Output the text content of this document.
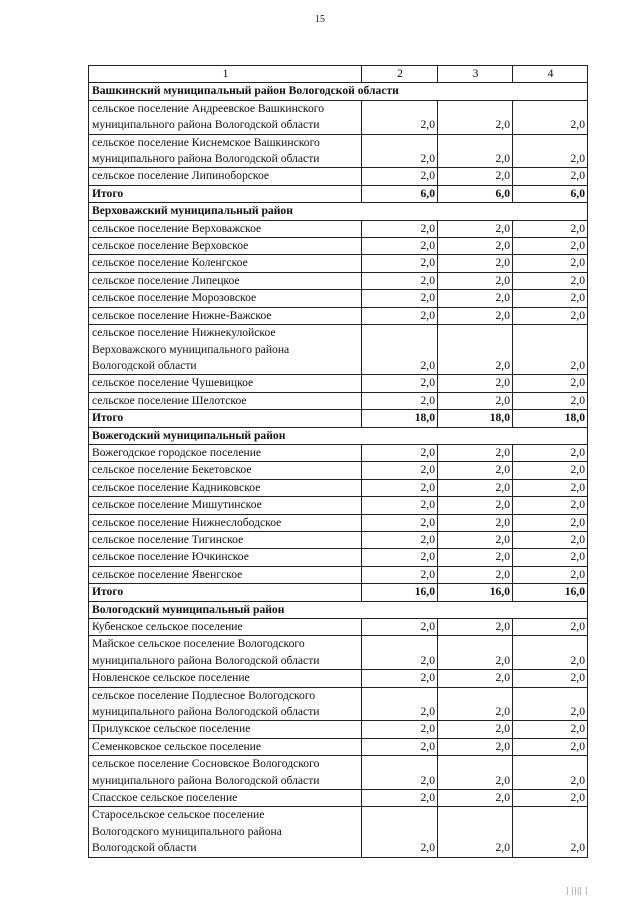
15
1	2	3	4
Вашкинский муниципальный район Вологодской области			

сельское поселение Андреевское Вашкинского
муниципального района Вологодской области	2,0	2,0	2,0

сельское поселение Киснемское Вашкинского
муниципального района Вологодской области	2,0	2,0	2,0

сельское поселение Липиноборское	2,0	2,0	2,0

Итого	6,0	6,0	6,0
Верховажский муниципальный район			

сельское поселение Верховажское	2,0	2,0	2,0

сельское поселение Верховское	2,0	2,0	2,0

сельское поселение Коленгское	2,0	2,0	2,0

сельское поселение Липецкое	2,0	2,0	2,0

сельское поселение Морозовское	2,0	2,0	2,0

сельское поселение Нижне-Важское	2,0	2,0	2,0

сельское поселение Нижнекулойское
Верховажского муниципального района
Вологодской области	2,0	2,0	2,0

сельское поселение Чушевицкое	2,0	2,0	2,0

сельское поселение Шелотское	2,0	2,0	2,0

Итого	18,0	18,0	18,0
Вожегодский муниципальный район			

Вожегодское городское поселение	2,0	2,0	2,0

сельское поселение Бекетовское	2,0	2,0	2,0

сельское поселение Кадниковское	2,0	2,0	2,0

сельское поселение Мишутинское	2,0	2,0	2,0

сельское поселение Нижнеслободское	2,0	2,0	2,0

сельское поселение Тигинское	2,0	2,0	2,0

сельское поселение Ючкинское	2,0	2,0	2,0

сельское поселение Явенгское	2,0	2,0	2,0

Итого	16,0	16,0	16,0
Вологодский муниципальный район			

Кубенское сельское поселение	2,0	2,0	2,0

Майское сельское поселение Вологодского
муниципального района Вологодской области	2,0	2,0	2,0

Новленское сельское поселение	2,0	2,0	2,0

сельское поселение Подлесное Вологодского
муниципального района Вологодской области	2,0	2,0	2,0

Прилукское сельское поселение	2,0	2,0	2,0

Семенковское сельское поселение	2,0	2,0	2,0

сельское поселение Сосновское Вологодского
муниципального района Вологодской области	2,0	2,0	2,0

Спасское сельское поселение	2,0	2,0	2,0

Старосельское сельское поселение
Вологодского муниципального района
Вологодской области	2,0	2,0	2,0
| |||| |
